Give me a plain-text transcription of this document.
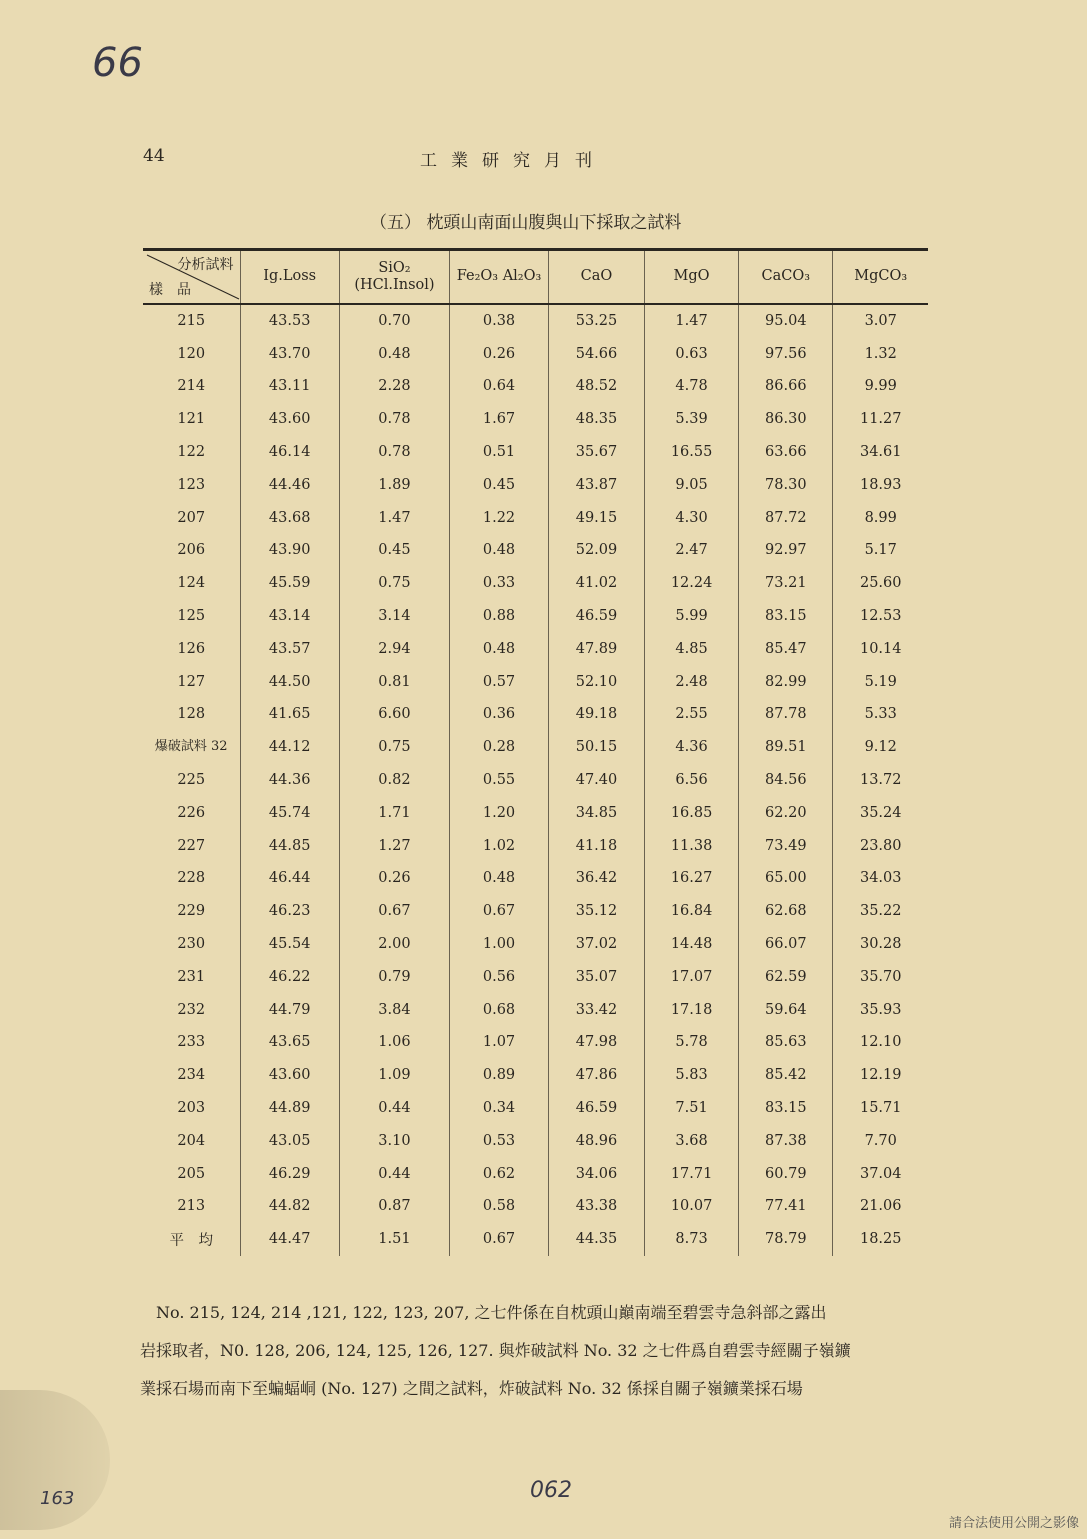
66
44	工業研究月刊
（五） 枕頭山南面山腹與山下採取之試料
分析試料
樣　品	Ig.Loss	SiO₂ (HCl.Insol)	Fe₂O₃ Al₂O₃	CaO	MgO	CaCO₃	MgCO₃
215	43.53	0.70	0.38	53.25	1.47	95.04	3.07
120	43.70	0.48	0.26	54.66	0.63	97.56	1.32
214	43.11	2.28	0.64	48.52	4.78	86.66	9.99
121	43.60	0.78	1.67	48.35	5.39	86.30	11.27
122	46.14	0.78	0.51	35.67	16.55	63.66	34.61
123	44.46	1.89	0.45	43.87	9.05	78.30	18.93
207	43.68	1.47	1.22	49.15	4.30	87.72	8.99
206	43.90	0.45	0.48	52.09	2.47	92.97	5.17
124	45.59	0.75	0.33	41.02	12.24	73.21	25.60
125	43.14	3.14	0.88	46.59	5.99	83.15	12.53
126	43.57	2.94	0.48	47.89	4.85	85.47	10.14
127	44.50	0.81	0.57	52.10	2.48	82.99	5.19
128	41.65	6.60	0.36	49.18	2.55	87.78	5.33
爆破試料 32	44.12	0.75	0.28	50.15	4.36	89.51	9.12
225	44.36	0.82	0.55	47.40	6.56	84.56	13.72
226	45.74	1.71	1.20	34.85	16.85	62.20	35.24
227	44.85	1.27	1.02	41.18	11.38	73.49	23.80
228	46.44	0.26	0.48	36.42	16.27	65.00	34.03
229	46.23	0.67	0.67	35.12	16.84	62.68	35.22
230	45.54	2.00	1.00	37.02	14.48	66.07	30.28
231	46.22	0.79	0.56	35.07	17.07	62.59	35.70
232	44.79	3.84	0.68	33.42	17.18	59.64	35.93
233	43.65	1.06	1.07	47.98	5.78	85.63	12.10
234	43.60	1.09	0.89	47.86	5.83	85.42	12.19
203	44.89	0.44	0.34	46.59	7.51	83.15	15.71
204	43.05	3.10	0.53	48.96	3.68	87.38	7.70
205	46.29	0.44	0.62	34.06	17.71	60.79	37.04
213	44.82	0.87	0.58	43.38	10.07	77.41	21.06
平　均	44.47	1.51	0.67	44.35	8.73	78.79	18.25
　No. 215, 124, 214 ,121, 122, 123, 207, 之七件係在自枕頭山巔南端至碧雲寺急斜部之露出
岩採取者，N0. 128, 206, 124, 125, 126, 127. 與炸破試料 No. 32 之七件爲自碧雲寺經關子嶺鑛
業採石場而南下至蝙蝠峒 (No. 127) 之間之試料，炸破試料 No. 32 係採自關子嶺鑛業採石場
163	062
請合法使用公開之影像
